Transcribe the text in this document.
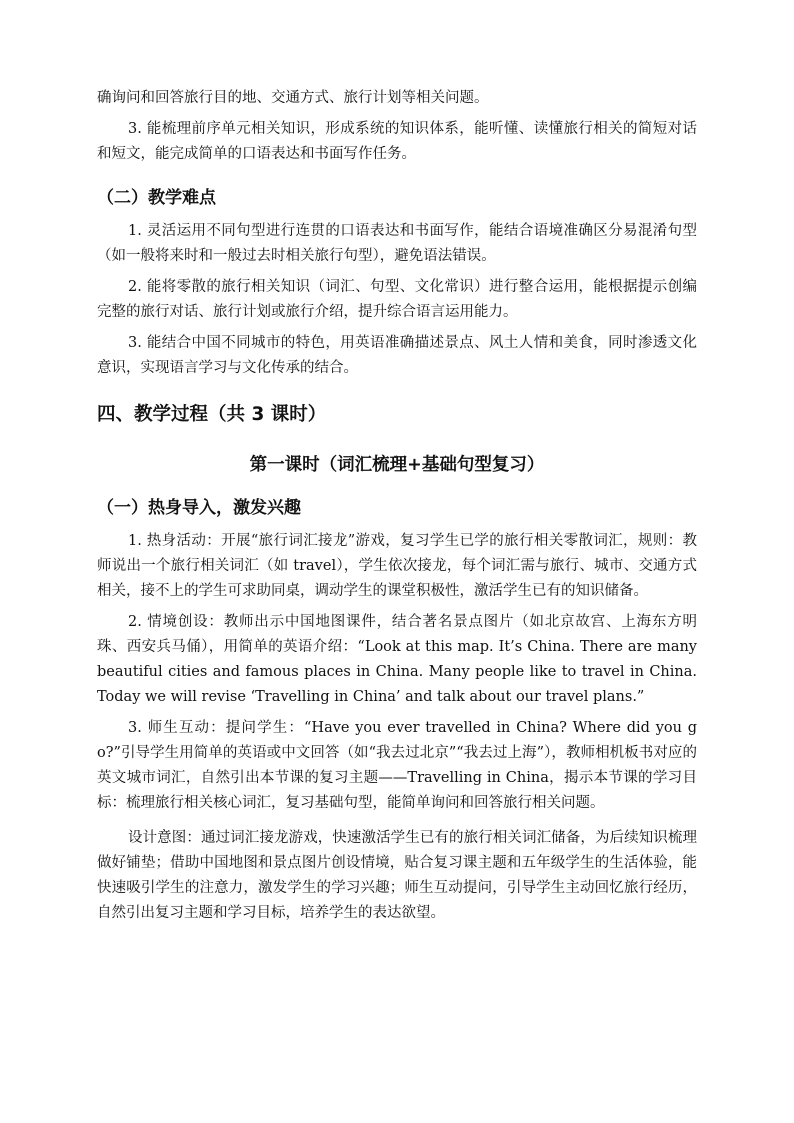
确询问和回答旅行目的地、交通方式、旅行计划等相关问题。

3. 能梳理前序单元相关知识，形成系统的知识体系，能听懂、读懂旅行相关的简短对话和短文，能完成简单的口语表达和书面写作任务。

（二）教学难点

1. 灵活运用不同句型进行连贯的口语表达和书面写作，能结合语境准确区分易混淆句型（如一般将来时和一般过去时相关旅行句型），避免语法错误。

2. 能将零散的旅行相关知识（词汇、句型、文化常识）进行整合运用，能根据提示创编完整的旅行对话、旅行计划或旅行介绍，提升综合语言运用能力。

3. 能结合中国不同城市的特色，用英语准确描述景点、风土人情和美食，同时渗透文化意识，实现语言学习与文化传承的结合。

四、教学过程（共 3 课时）
第一课时（词汇梳理+基础句型复习）
（一）热身导入，激发兴趣

1. 热身活动：开展“旅行词汇接龙”游戏，复习学生已学的旅行相关零散词汇，规则：教师说出一个旅行相关词汇（如 travel），学生依次接龙，每个词汇需与旅行、城市、交通方式相关，接不上的学生可求助同桌，调动学生的课堂积极性，激活学生已有的知识储备。

2. 情境创设：教师出示中国地图课件，结合著名景点图片（如北京故宫、上海东方明珠、西安兵马俑），用简单的英语介绍：“Look at this map. It’s China. There are many beautiful cities and famous places in China. Many people like to travel in China. Today we will revise ‘Travelling in China’ and talk about our travel plans.”

3. 师生互动：提问学生：“Have you ever travelled in China? Where did you go?”引导学生用简单的英语或中文回答（如“我去过北京”“我去过上海”），教师相机板书对应的英文城市词汇，自然引出本节课的复习主题——Travelling in China，揭示本节课的学习目标：梳理旅行相关核心词汇，复习基础句型，能简单询问和回答旅行相关问题。

设计意图：通过词汇接龙游戏，快速激活学生已有的旅行相关词汇储备，为后续知识梳理做好铺垫；借助中国地图和景点图片创设情境，贴合复习课主题和五年级学生的生活体验，能快速吸引学生的注意力，激发学生的学习兴趣；师生互动提问，引导学生主动回忆旅行经历，自然引出复习主题和学习目标，培养学生的表达欲望。
